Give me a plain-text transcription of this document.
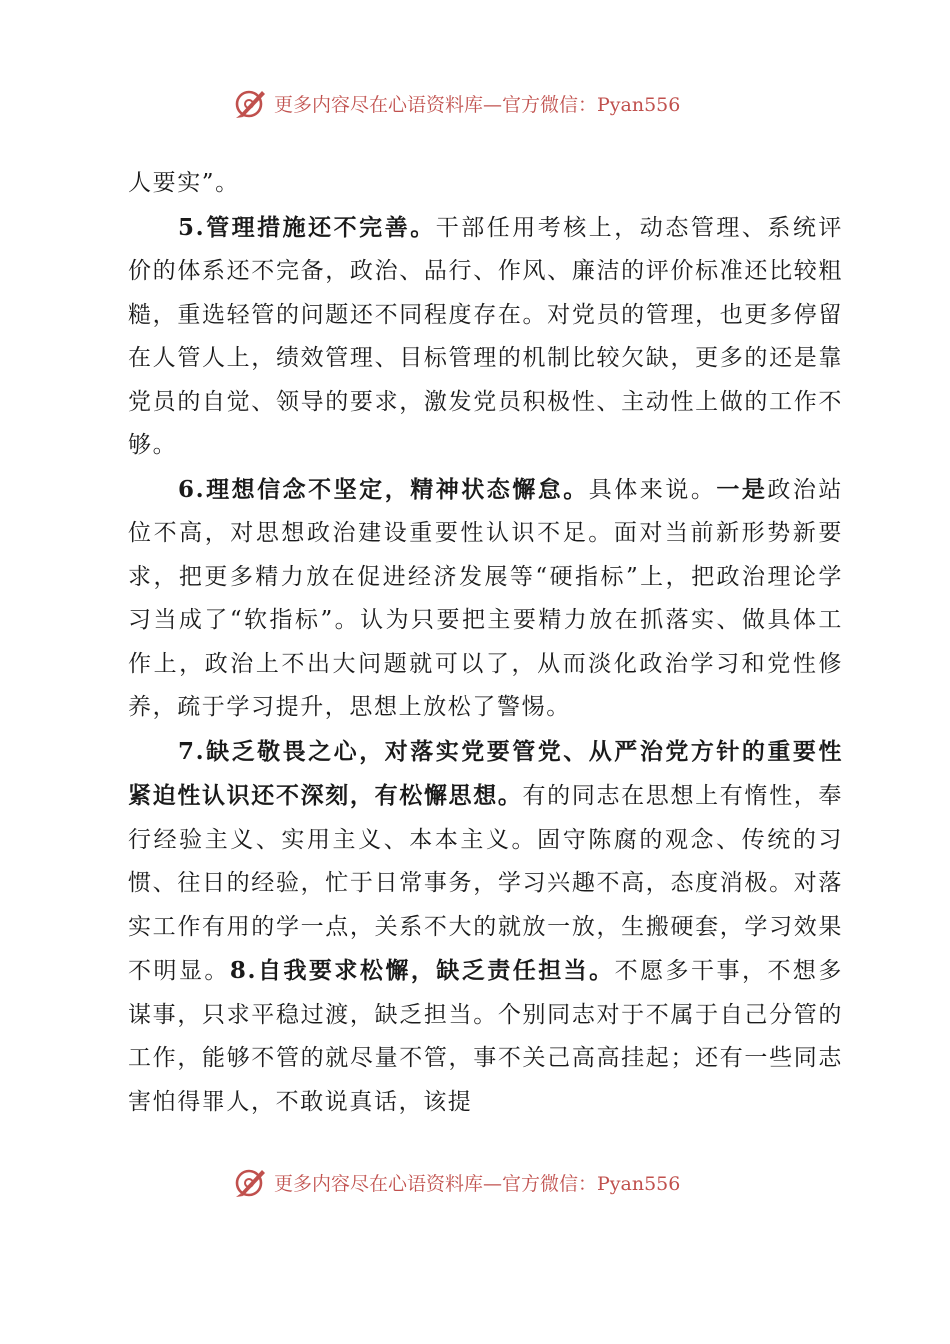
更多内容尽在心语资料库—官方微信：Pyan556

人要实”。

5.管理措施还不完善。干部任用考核上，动态管理、系统评价的体系还不完备，政治、品行、作风、廉洁的评价标准还比较粗糙，重选轻管的问题还不同程度存在。对党员的管理，也更多停留在人管人上，绩效管理、目标管理的机制比较欠缺，更多的还是靠党员的自觉、领导的要求，激发党员积极性、主动性上做的工作不够。

6.理想信念不坚定，精神状态懈怠。具体来说。一是政治站位不高，对思想政治建设重要性认识不足。面对当前新形势新要求，把更多精力放在促进经济发展等“硬指标”上，把政治理论学习当成了“软指标”。认为只要把主要精力放在抓落实、做具体工作上，政治上不出大问题就可以了，从而淡化政治学习和党性修养，疏于学习提升，思想上放松了警惕。

7.缺乏敬畏之心，对落实党要管党、从严治党方针的重要性紧迫性认识还不深刻，有松懈思想。有的同志在思想上有惰性，奉行经验主义、实用主义、本本主义。固守陈腐的观念、传统的习惯、往日的经验，忙于日常事务，学习兴趣不高，态度消极。对落实工作有用的学一点，关系不大的就放一放，生搬硬套，学习效果不明显。8.自我要求松懈，缺乏责任担当。不愿多干事，不想多谋事，只求平稳过渡，缺乏担当。个别同志对于不属于自己分管的工作，能够不管的就尽量不管，事不关己高高挂起；还有一些同志害怕得罪人，不敢说真话，该提

更多内容尽在心语资料库—官方微信：Pyan556
